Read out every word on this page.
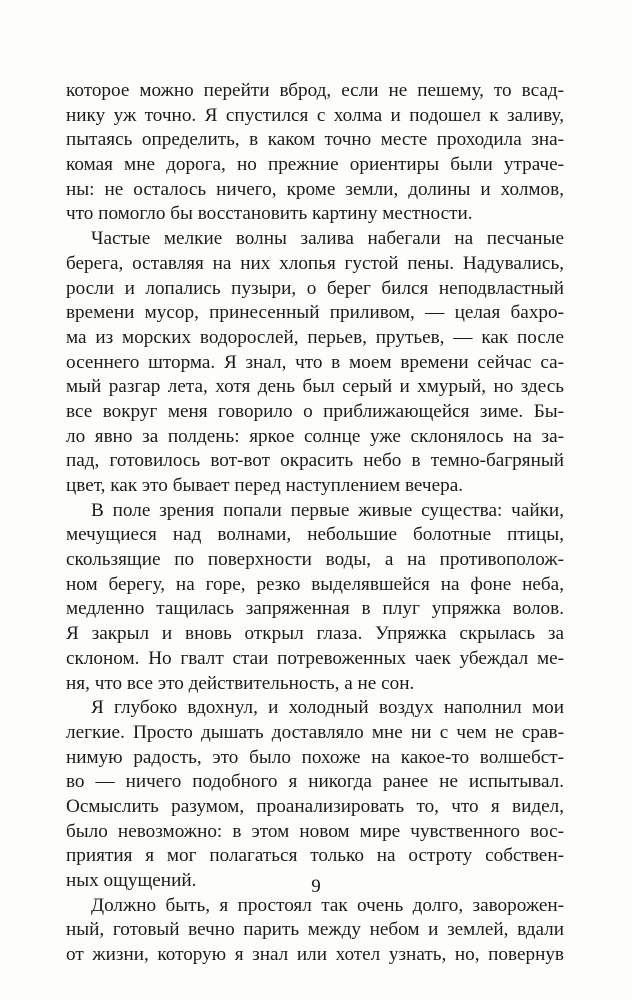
которое можно перейти вброд, если не пешему, то всад-
нику уж точно. Я спустился с холма и подошел к заливу,
пытаясь определить, в каком точно месте проходила зна-
комая мне дорога, но прежние ориентиры были утраче-
ны: не осталось ничего, кроме земли, долины и холмов,
что помогло бы восстановить картину местности.
Частые мелкие волны залива набегали на песчаные
берега, оставляя на них хлопья густой пены. Надувались,
росли и лопались пузыри, о берег бился неподвластный
времени мусор, принесенный приливом, — целая бахро-
ма из морских водорослей, перьев, прутьев, — как после
осеннего шторма. Я знал, что в моем времени сейчас са-
мый разгар лета, хотя день был серый и хмурый, но здесь
все вокруг меня говорило о приближающейся зиме. Бы-
ло явно за полдень: яркое солнце уже склонялось на за-
пад, готовилось вот-вот окрасить небо в темно-багряный
цвет, как это бывает перед наступлением вечера.
В поле зрения попали первые живые существа: чайки,
мечущиеся над волнами, небольшие болотные птицы,
скользящие по поверхности воды, а на противополож-
ном берегу, на горе, резко выделявшейся на фоне неба,
медленно тащилась запряженная в плуг упряжка волов.
Я закрыл и вновь открыл глаза. Упряжка скрылась за
склоном. Но гвалт стаи потревоженных чаек убеждал ме-
ня, что все это действительность, а не сон.
Я глубоко вдохнул, и холодный воздух наполнил мои
легкие. Просто дышать доставляло мне ни с чем не срав-
нимую радость, это было похоже на какое-то волшебст-
во — ничего подобного я никогда ранее не испытывал.
Осмыслить разумом, проанализировать то, что я видел,
было невозможно: в этом новом мире чувственного вос-
приятия я мог полагаться только на остроту собствен-
ных ощущений.
Должно быть, я простоял так очень долго, заворожен-
ный, готовый вечно парить между небом и землей, вдали
от жизни, которую я знал или хотел узнать, но, повернув
9
